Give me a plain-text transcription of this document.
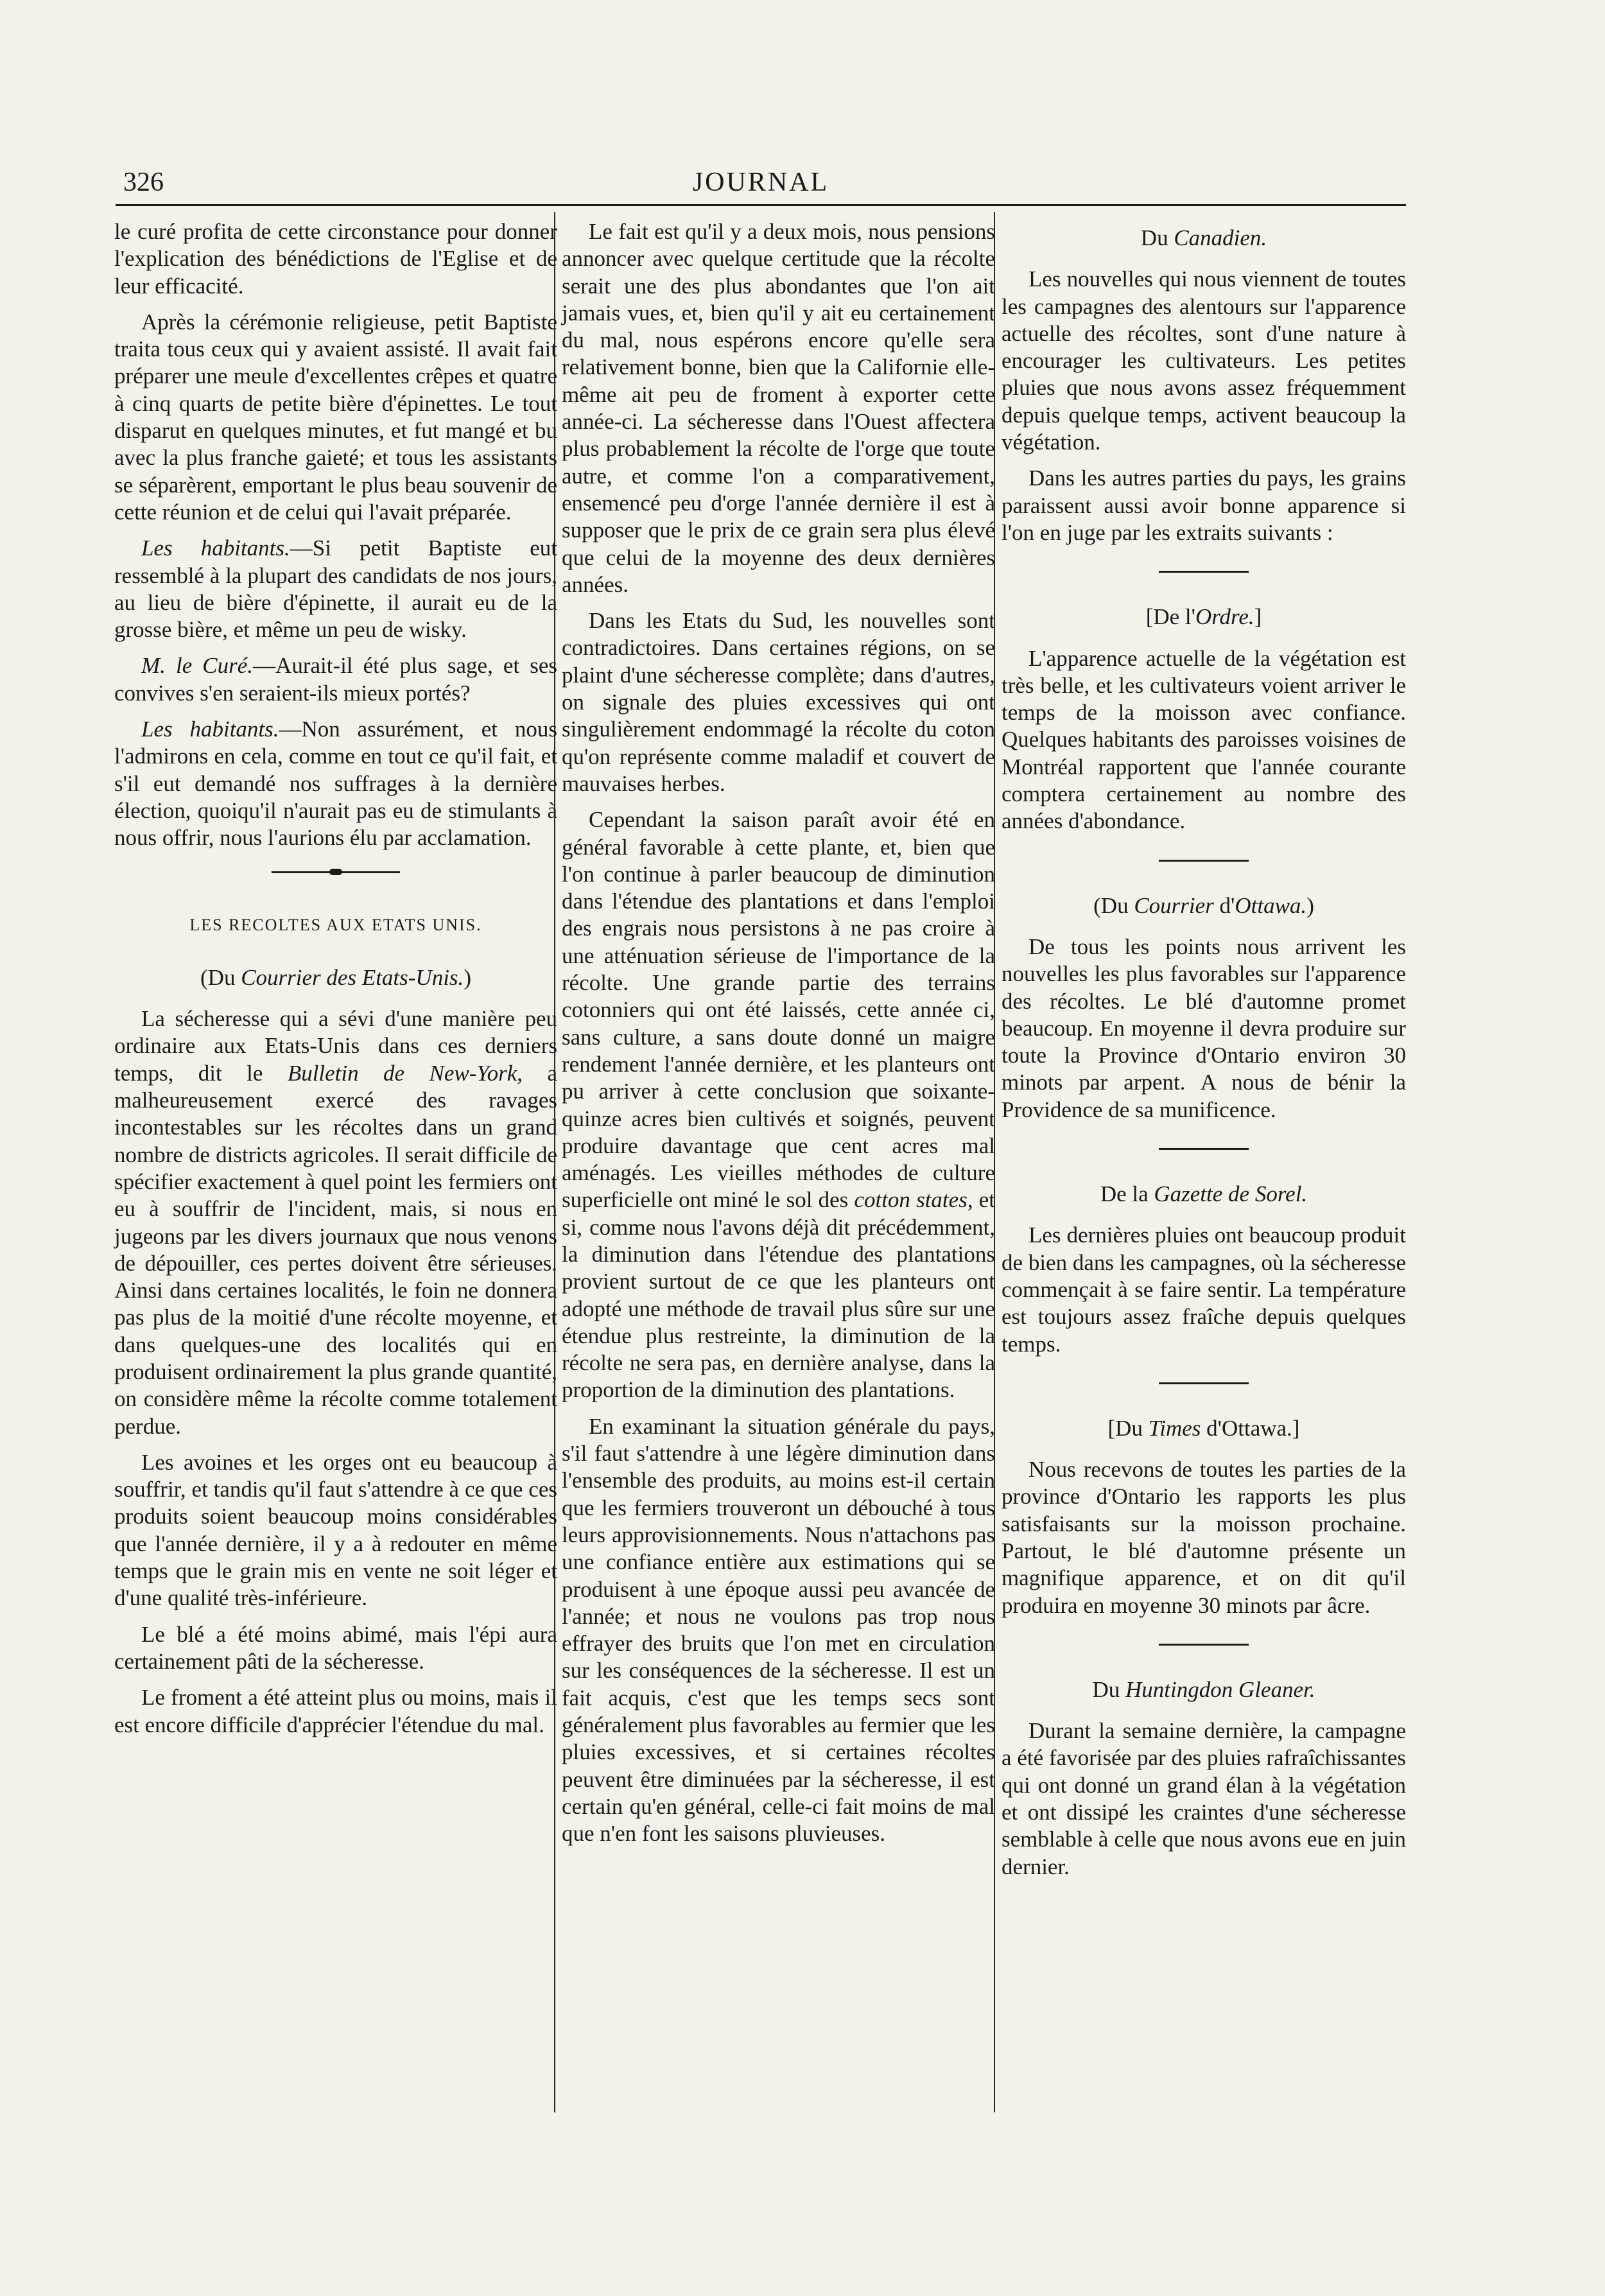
326	JOURNAL

le curé profita de cette circonstance pour donner l'explication des bénédictions de l'Eglise et de leur efficacité.

Après la cérémonie religieuse, petit Baptiste traita tous ceux qui y avaient assisté. Il avait fait préparer une meule d'excellentes crêpes et quatre à cinq quarts de petite bière d'épinettes. Le tout disparut en quelques minutes, et fut mangé et bu avec la plus franche gaieté; et tous les assistants se séparèrent, emportant le plus beau souvenir de cette réunion et de celui qui l'avait préparée.

Les habitants.—Si petit Baptiste eut ressemblé à la plupart des candidats de nos jours, au lieu de bière d'épinette, il aurait eu de la grosse bière, et même un peu de wisky.

M. le Curé.—Aurait-il été plus sage, et ses convives s'en seraient-ils mieux portés?

Les habitants.—Non assurément, et nous l'admirons en cela, comme en tout ce qu'il fait, et s'il eut demandé nos suffrages à la dernière élection, quoiqu'il n'aurait pas eu de stimulants à nous offrir, nous l'aurions élu par acclamation.

LES RECOLTES AUX ETATS UNIS.

(Du Courrier des Etats-Unis.)

La sécheresse qui a sévi d'une manière peu ordinaire aux Etats-Unis dans ces derniers temps, dit le Bulletin de New-York, a malheureusement exercé des ravages incontestables sur les récoltes dans un grand nombre de districts agricoles. Il serait difficile de spécifier exactement à quel point les fermiers ont eu à souffrir de l'incident, mais, si nous en jugeons par les divers journaux que nous venons de dépouiller, ces pertes doivent être sérieuses. Ainsi dans certaines localités, le foin ne donnera pas plus de la moitié d'une récolte moyenne, et dans quelques-une des localités qui en produisent ordinairement la plus grande quantité, on considère même la récolte comme totalement perdue.

Les avoines et les orges ont eu beaucoup à souffrir, et tandis qu'il faut s'attendre à ce que ces produits soient beaucoup moins considérables que l'année dernière, il y a à redouter en même temps que le grain mis en vente ne soit léger et d'une qualité très-inférieure.

Le blé a été moins abimé, mais l'épi aura certainement pâti de la sécheresse.

Le froment a été atteint plus ou moins, mais il est encore difficile d'apprécier l'étendue du mal.

Le fait est qu'il y a deux mois, nous pensions annoncer avec quelque certitude que la récolte serait une des plus abondantes que l'on ait jamais vues, et, bien qu'il y ait eu certainement du mal, nous espérons encore qu'elle sera relativement bonne, bien que la Californie elle-même ait peu de froment à exporter cette année-ci. La sécheresse dans l'Ouest affectera plus probablement la récolte de l'orge que toute autre, et comme l'on a comparativement, ensemencé peu d'orge l'année dernière il est à supposer que le prix de ce grain sera plus élevé que celui de la moyenne des deux dernières années.

Dans les Etats du Sud, les nouvelles sont contradictoires. Dans certaines régions, on se plaint d'une sécheresse complète; dans d'autres, on signale des pluies excessives qui ont singulièrement endommagé la récolte du coton qu'on représente comme maladif et couvert de mauvaises herbes.

Cependant la saison paraît avoir été en général favorable à cette plante, et, bien que l'on continue à parler beaucoup de diminution dans l'étendue des plantations et dans l'emploi des engrais nous persistons à ne pas croire à une atténuation sérieuse de l'importance de la récolte. Une grande partie des terrains cotonniers qui ont été laissés, cette année ci, sans culture, a sans doute donné un maigre rendement l'année dernière, et les planteurs ont pu arriver à cette conclusion que soixante-quinze acres bien cultivés et soignés, peuvent produire davantage que cent acres mal aménagés. Les vieilles méthodes de culture superficielle ont miné le sol des cotton states, et si, comme nous l'avons déjà dit précédemment, la diminution dans l'étendue des plantations provient surtout de ce que les planteurs ont adopté une méthode de travail plus sûre sur une étendue plus restreinte, la diminution de la récolte ne sera pas, en dernière analyse, dans la proportion de la diminution des plantations.

En examinant la situation générale du pays, s'il faut s'attendre à une légère diminution dans l'ensemble des produits, au moins est-il certain que les fermiers trouveront un débouché à tous leurs approvisionnements. Nous n'attachons pas une confiance entière aux estimations qui se produisent à une époque aussi peu avancée de l'année; et nous ne voulons pas trop nous effrayer des bruits que l'on met en circulation sur les conséquences de la sécheresse. Il est un fait acquis, c'est que les temps secs sont généralement plus favorables au fermier que les pluies excessives, et si certaines récoltes peuvent être diminuées par la sécheresse, il est certain qu'en général, celle-ci fait moins de mal que n'en font les saisons pluvieuses.

Du Canadien.

Les nouvelles qui nous viennent de toutes les campagnes des alentours sur l'apparence actuelle des récoltes, sont d'une nature à encourager les cultivateurs. Les petites pluies que nous avons assez fréquemment depuis quelque temps, activent beaucoup la végétation.

Dans les autres parties du pays, les grains paraissent aussi avoir bonne apparence si l'on en juge par les extraits suivants :

[De l'Ordre.]

L'apparence actuelle de la végétation est très belle, et les cultivateurs voient arriver le temps de la moisson avec confiance. Quelques habitants des paroisses voisines de Montréal rapportent que l'année courante comptera certainement au nombre des années d'abondance.

(Du Courrier d'Ottawa.)

De tous les points nous arrivent les nouvelles les plus favorables sur l'apparence des récoltes. Le blé d'automne promet beaucoup. En moyenne il devra produire sur toute la Province d'Ontario environ 30 minots par arpent. A nous de bénir la Providence de sa munificence.

De la Gazette de Sorel.

Les dernières pluies ont beaucoup produit de bien dans les campagnes, où la sécheresse commençait à se faire sentir. La température est toujours assez fraîche depuis quelques temps.

[Du Times d'Ottawa.]

Nous recevons de toutes les parties de la province d'Ontario les rapports les plus satisfaisants sur la moisson prochaine. Partout, le blé d'automne présente un magnifique apparence, et on dit qu'il produira en moyenne 30 minots par âcre.

Du Huntingdon Gleaner.

Durant la semaine dernière, la campagne a été favorisée par des pluies rafraîchissantes qui ont donné un grand élan à la végétation et ont dissipé les craintes d'une sécheresse semblable à celle que nous avons eue en juin dernier.
